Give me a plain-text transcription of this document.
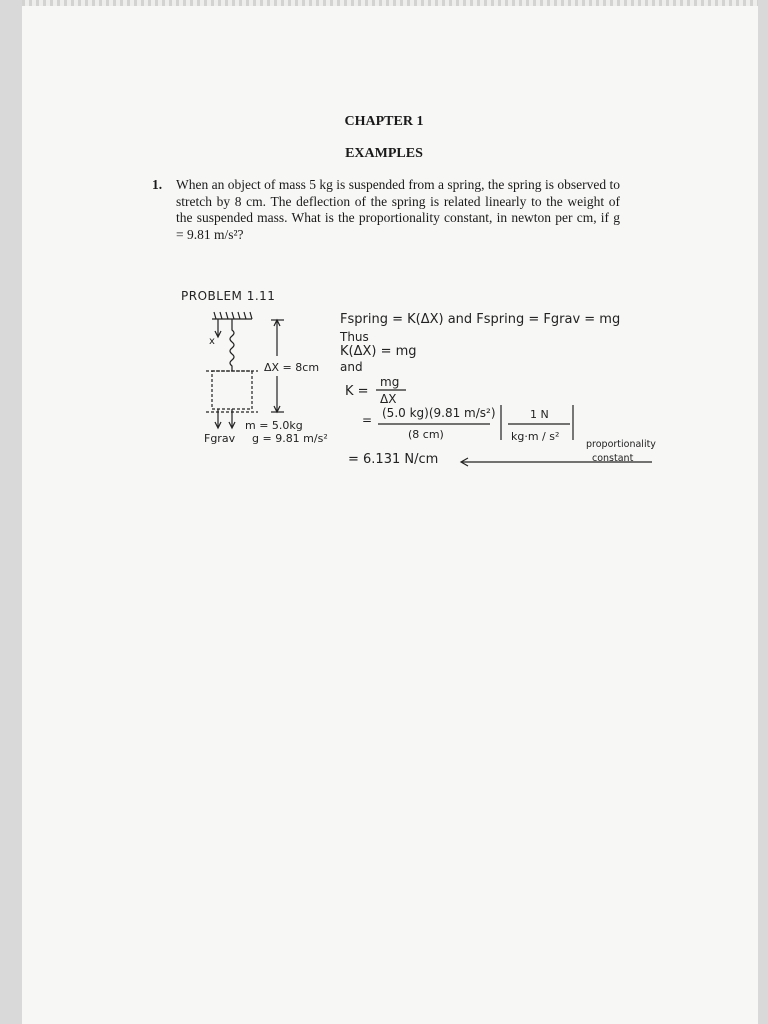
CHAPTER 1
EXAMPLES
1. When an object of mass 5 kg is suspended from a spring, the spring is observed to stretch by 8 cm. The deflection of the spring is related linearly to the weight of the suspended mass. What is the proportionality constant, in newton per cm, if g = 9.81 m/s²?
PROBLEM 1.11
Fspring = K(ΔX) and Fspring = Fgrav = mg
Thus
K(ΔX) = mg
and
K =
mg
ΔX
= (5.0 kg)(9.81 m/s²)
(8 cm)
1 N
kg·m / s²
= 6.131 N/cm
proportionality
constant
x
ΔX = 8cm
m = 5.0kg
Fgrav g = 9.81 m/s²
